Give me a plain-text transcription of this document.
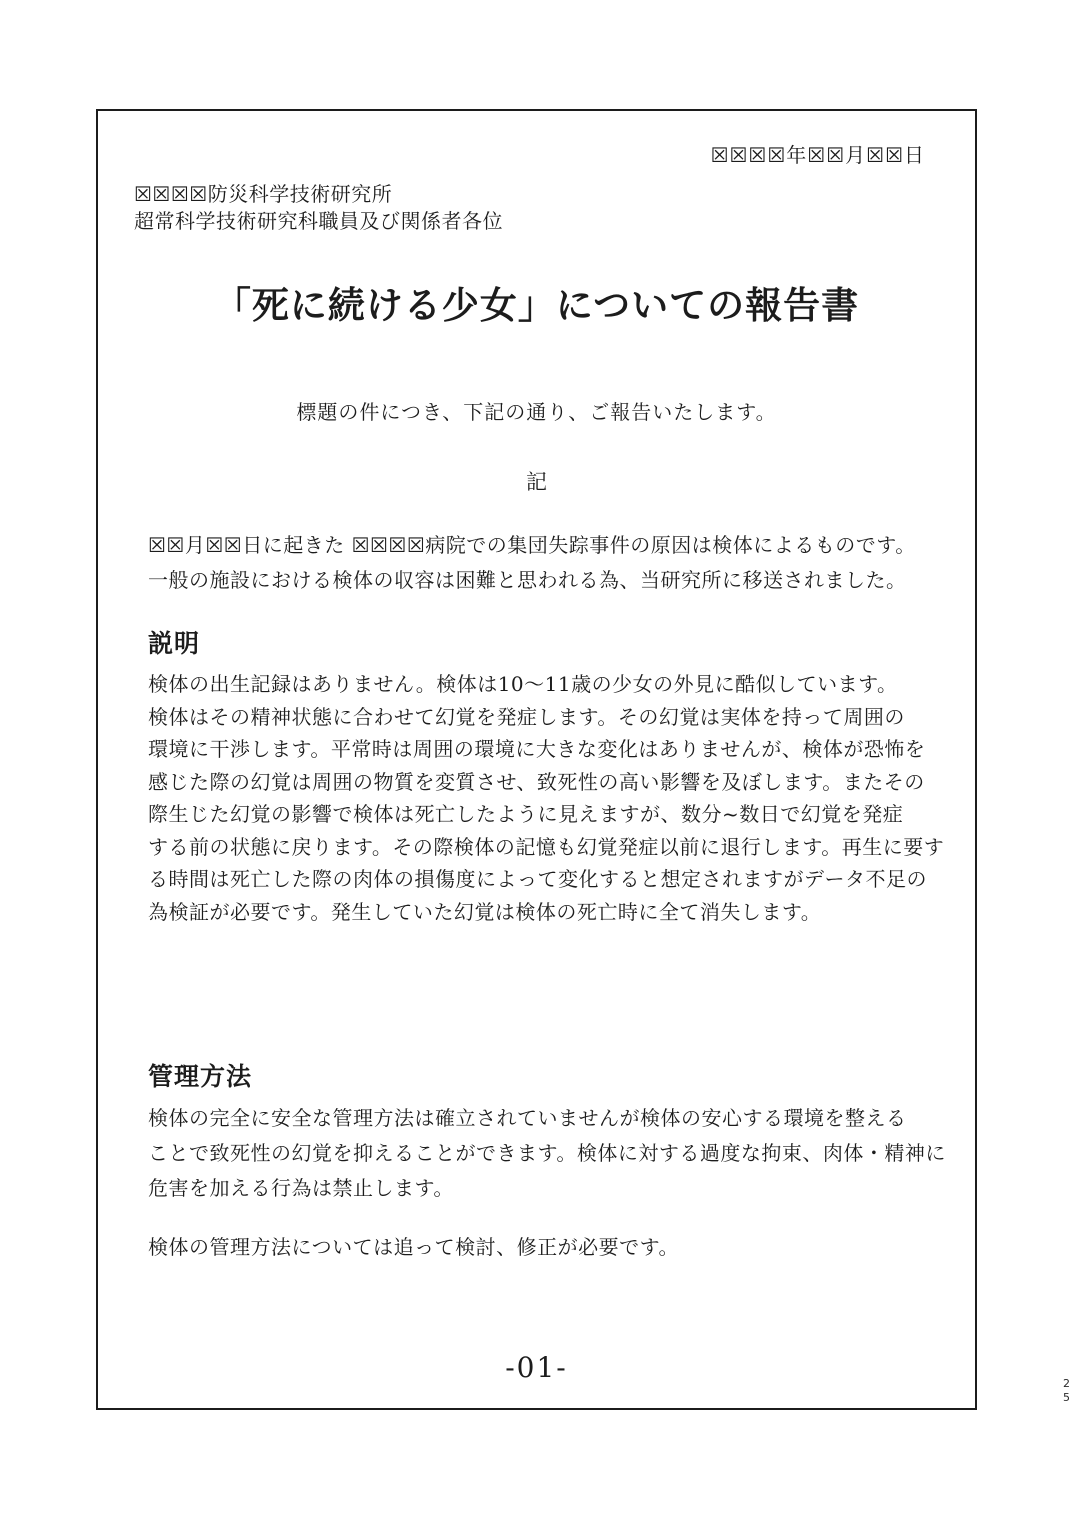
☒☒☒☒年☒☒月☒☒日
☒☒☒☒防災科学技術研究所
超常科学技術研究科職員及び関係者各位
「死に続ける少女」についての報告書
標題の件につき、下記の通り、ご報告いたします。
記
☒☒月☒☒日に起きた ☒☒☒☒病院での集団失踪事件の原因は検体によるものです。
一般の施設における検体の収容は困難と思われる為、当研究所に移送されました。
説明
検体の出生記録はありません。検体は10〜11歳の少女の外見に酷似しています。
検体はその精神状態に合わせて幻覚を発症します。その幻覚は実体を持って周囲の
環境に干渉します。平常時は周囲の環境に大きな変化はありませんが、検体が恐怖を
感じた際の幻覚は周囲の物質を変質させ、致死性の高い影響を及ぼします。またその
際生じた幻覚の影響で検体は死亡したように見えますが、数分~数日で幻覚を発症
する前の状態に戻ります。その際検体の記憶も幻覚発症以前に退行します。再生に要す
る時間は死亡した際の肉体の損傷度によって変化すると想定されますがデータ不足の
為検証が必要です。発生していた幻覚は検体の死亡時に全て消失します。
管理方法
検体の完全に安全な管理方法は確立されていませんが検体の安心する環境を整える
ことで致死性の幻覚を抑えることができます。検体に対する過度な拘束、肉体・精神に
危害を加える行為は禁止します。
検体の管理方法については追って検討、修正が必要です。
-01-
25
